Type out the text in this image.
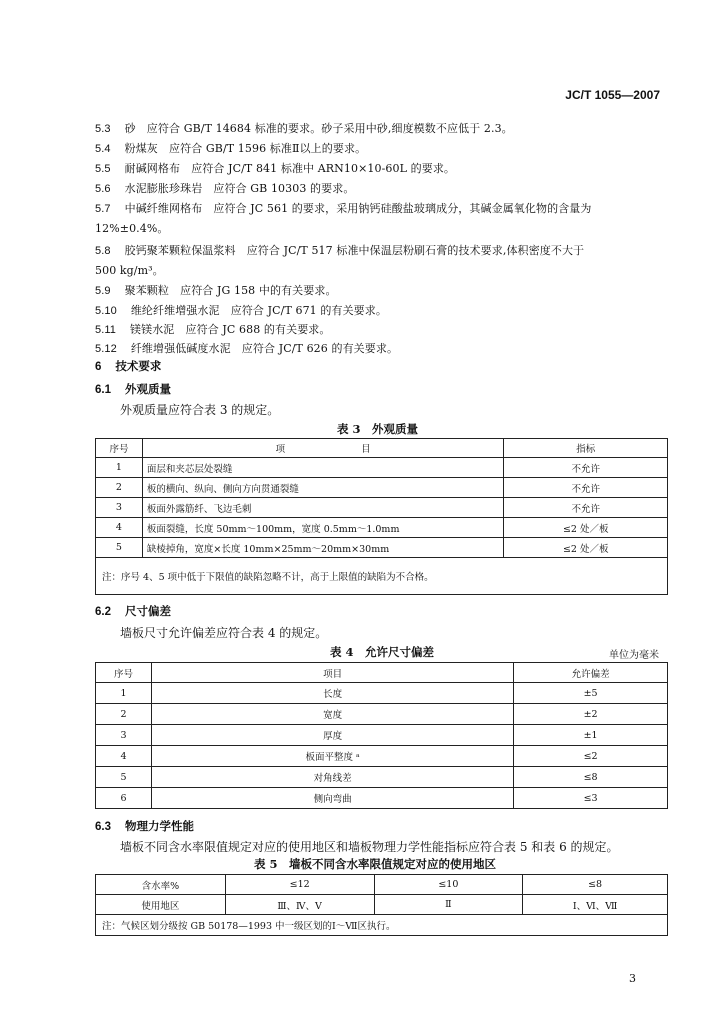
JC/T 1055—2007
5.3 砂　应符合 GB/T 14684 标准的要求。砂子采用中砂,细度模数不应低于 2.3。
5.4 粉煤灰　应符合 GB/T 1596 标准Ⅱ以上的要求。
5.5 耐碱网格布　应符合 JC/T 841 标准中 ARN10×10-60L 的要求。
5.6 水泥膨胀珍珠岩　应符合 GB 10303 的要求。
5.7 中碱纤维网格布　应符合 JC 561 的要求，采用钠钙硅酸盐玻璃成分，其碱金属氧化物的含量为
12%±0.4%。
5.8 胶钙聚苯颗粒保温浆料　应符合 JC/T 517 标准中保温层粉刷石膏的技术要求,体积密度不大于
500 kg/m³。
5.9 聚苯颗粒　应符合 JG 158 中的有关要求。
5.10 维纶纤维增强水泥　应符合 JC/T 671 的有关要求。
5.11 镁镁水泥　应符合 JC 688 的有关要求。
5.12 纤维增强低碱度水泥　应符合 JC/T 626 的有关要求。
6 技术要求
6.1 外观质量
外观质量应符合表 3 的规定。
表 3　外观质量
序号	项　　　　　　　　目	指标
1	面层和夹芯层处裂缝	不允许
2	板的横向、纵向、侧向方向贯通裂缝	不允许
3	板面外露筋纤、飞边毛刺	不允许
4	板面裂缝，长度 50mm～100mm，宽度 0.5mm～1.0mm	≤2 处／板
5	缺棱掉角，宽度×长度 10mm×25mm～20mm×30mm	≤2 处／板
注：序号 4、5 项中低于下限值的缺陷忽略不计，高于上限值的缺陷为不合格。		
6.2 尺寸偏差
墙板尺寸允许偏差应符合表 4 的规定。
表 4　允许尺寸偏差	单位为毫米
序号	项目	允许偏差
1	长度	±5
2	宽度	±2
3	厚度	±1
4	板面平整度 ᵃ	≤2
5	对角线差	≤8
6	侧向弯曲	≤3
6.3 物理力学性能
墙板不同含水率限值规定对应的使用地区和墙板物理力学性能指标应符合表 5 和表 6 的规定。
表 5　墙板不同含水率限值规定对应的使用地区
含水率%	≤12	≤10	≤8
使用地区	Ⅲ、Ⅳ、Ⅴ	Ⅱ	Ⅰ、Ⅵ、Ⅶ
注：气候区划分级按 GB 50178—1993 中一级区划的Ⅰ～Ⅶ区执行。			
3
